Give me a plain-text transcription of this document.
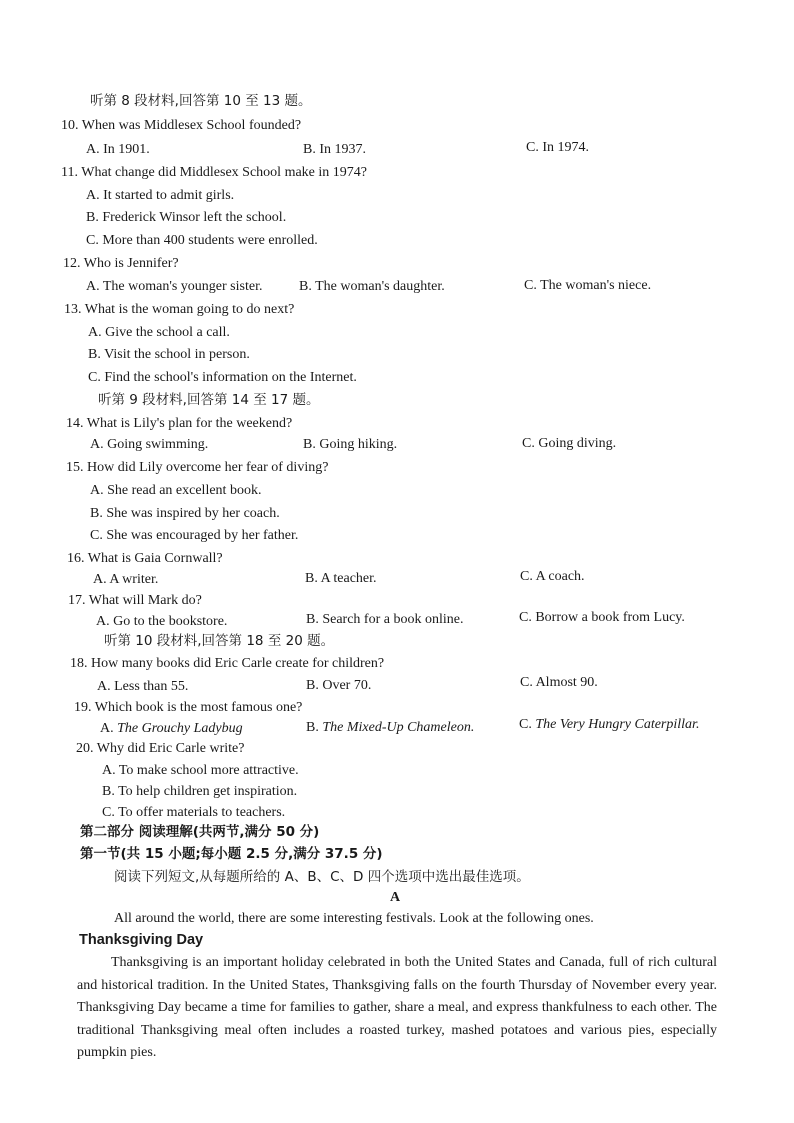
听第 8 段材料,回答第 10 至 13 题。
10. When was Middlesex School founded?
A. In 1901.	B. In 1937.	C. In 1974.
11. What change did Middlesex School make in 1974?
A. It started to admit girls.
B. Frederick Winsor left the school.
C. More than 400 students were enrolled.
12. Who is Jennifer?
A. The woman's younger sister.	B. The woman's daughter.	C. The woman's niece.
13. What is the woman going to do next?
A. Give the school a call.
B. Visit the school in person.
C. Find the school's information on the Internet.
听第 9 段材料,回答第 14 至 17 题。
14. What is Lily's plan for the weekend?
A. Going swimming.	B. Going hiking.	C. Going diving.
15. How did Lily overcome her fear of diving?
A. She read an excellent book.
B. She was inspired by her coach.
C. She was encouraged by her father.
16. What is Gaia Cornwall?
A. A writer.	B. A teacher.	C. A coach.
17. What will Mark do?
A. Go to the bookstore.	B. Search for a book online.	C. Borrow a book from Lucy.
听第 10 段材料,回答第 18 至 20 题。
18. How many books did Eric Carle create for children?
A. Less than 55.	B. Over 70.	C. Almost 90.
19. Which book is the most famous one?
A. The Grouchy Ladybug	B. The Mixed-Up Chameleon.	C. The Very Hungry Caterpillar.
20. Why did Eric Carle write?
A. To make school more attractive.
B. To help children get inspiration.
C. To offer materials to teachers.
第二部分 阅读理解(共两节,满分 50 分)
第一节(共 15 小题;每小题 2.5 分,满分 37.5 分)
阅读下列短文,从每题所给的 A、B、C、D 四个选项中选出最佳选项。
A
All around the world, there are some interesting festivals. Look at the following ones.
Thanksgiving Day
Thanksgiving is an important holiday celebrated in both the United States and Canada, full of rich cultural and historical tradition. In the United States, Thanksgiving falls on the fourth Thursday of November every year. Thanksgiving Day became a time for families to gather, share a meal, and express thankfulness to each other. The traditional Thanksgiving meal often includes a roasted turkey, mashed potatoes and various pies, especially pumpkin pies.
